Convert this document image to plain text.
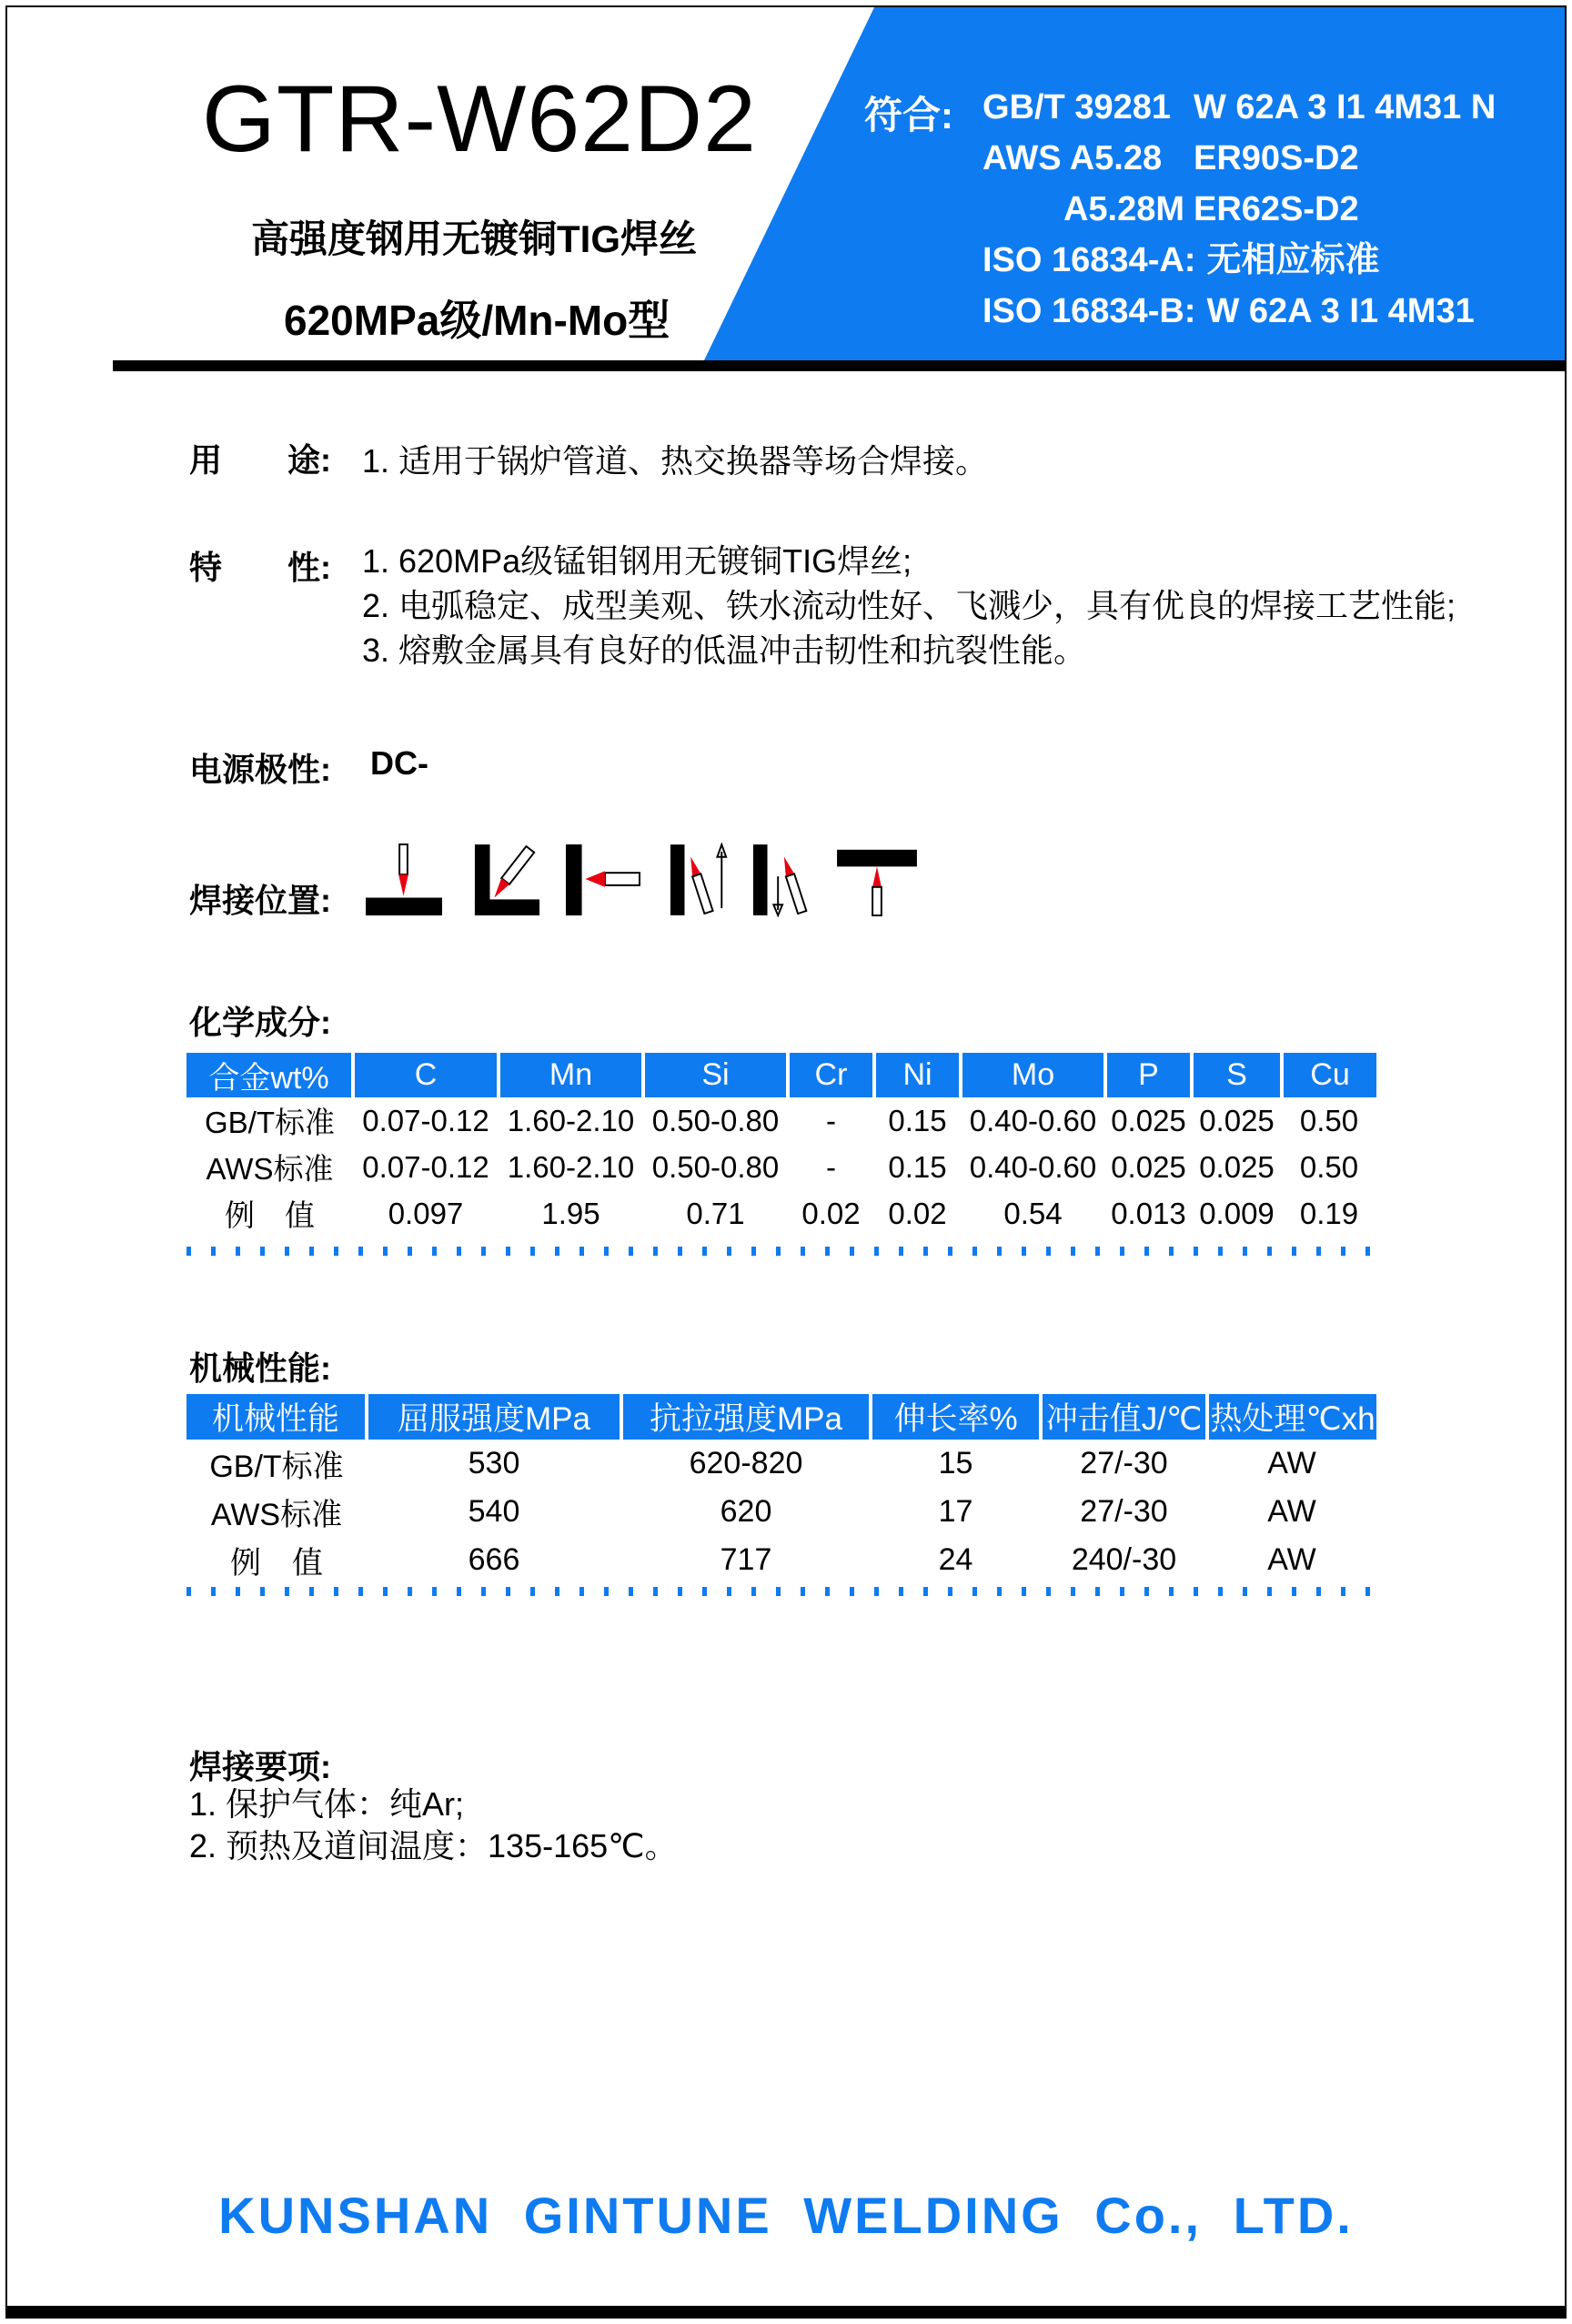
GTR-W62D2
高强度钢用无镀铜TIG焊丝
620MPa级/Mn-Mo型
符合: GB/T 39281 W 62A 3 I1 4M31 N
AWS A5.28 ER90S-D2
A5.28M ER62S-D2
ISO 16834-A: 无相应标准
ISO 16834-B: W 62A 3 I1 4M31
用　　途: 1. 适用于锅炉管道、热交换器等场合焊接。
特　　性: 1. 620MPa级锰钼钢用无镀铜TIG焊丝;
2. 电弧稳定、成型美观、铁水流动性好、飞溅少，具有优良的焊接工艺性能;
3. 熔敷金属具有良好的低温冲击韧性和抗裂性能。
电源极性: DC-
焊接位置:
化学成分:
合金wt%	C	Mn	Si	Cr	Ni	Mo	P	S	Cu
GB/T标准	0.07-0.12	1.60-2.10	0.50-0.80	-	0.15	0.40-0.60	0.025	0.025	0.50
AWS标准	0.07-0.12	1.60-2.10	0.50-0.80	-	0.15	0.40-0.60	0.025	0.025	0.50
例　值	0.097	1.95	0.71	0.02	0.02	0.54	0.013	0.009	0.19
机械性能:
机械性能	屈服强度MPa	抗拉强度MPa	伸长率%	冲击值J/℃	热处理℃xh
GB/T标准	530	620-820	15	27/-30	AW
AWS标准	540	620	17	27/-30	AW
例　值	666	717	24	240/-30	AW
焊接要项:
1. 保护气体：纯Ar;
2. 预热及道间温度：135-165℃。
KUNSHAN GINTUNE WELDING Co., LTD.
